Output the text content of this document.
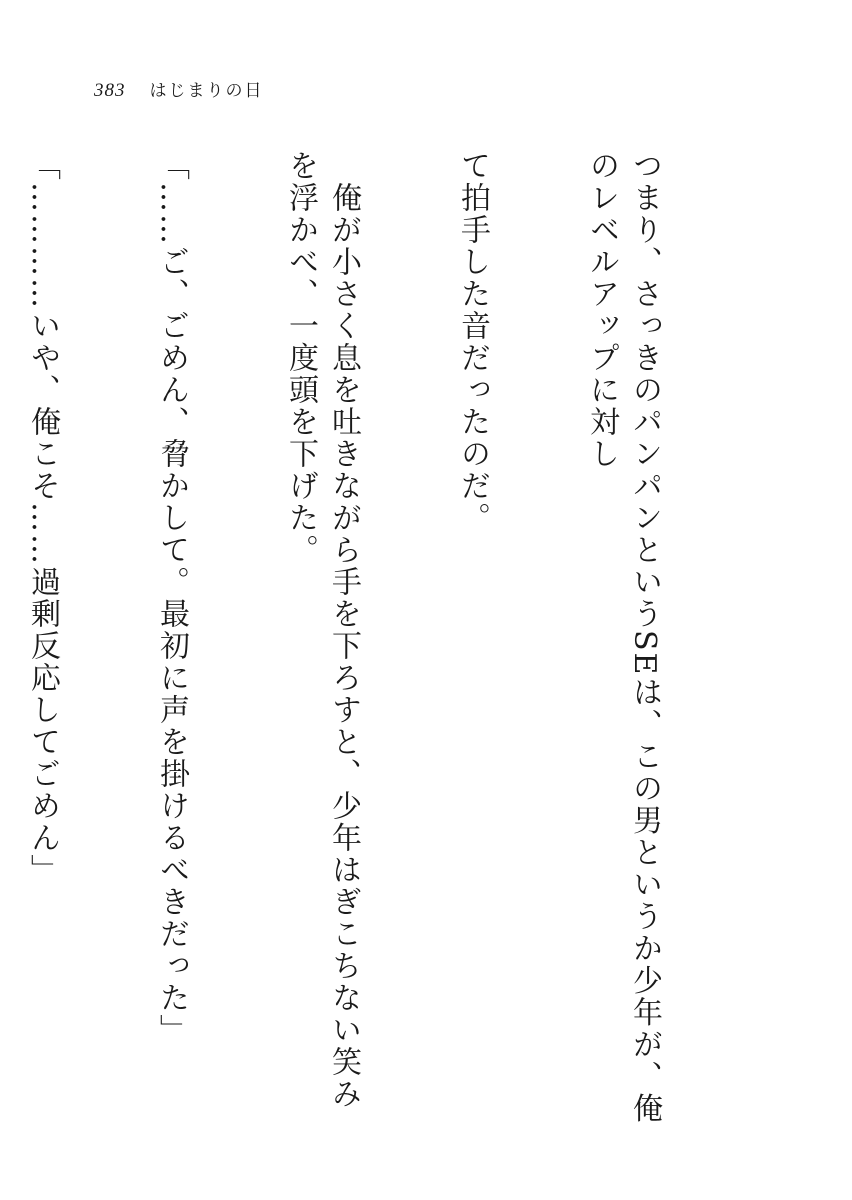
383 はじまりの日

つまり、さっきのパンパンというSEは、この男というか少年が、俺のレベルアップに対し

て拍手した音だったのだ。

　俺が小さく息を吐きながら手を下ろすと、少年はぎこちない笑みを浮かべ、一度頭を下げた。

「……ご、ごめん、脅かして。最初に声を掛けるべきだった」

「…………いや、俺こそ……過剰反応してごめん」
